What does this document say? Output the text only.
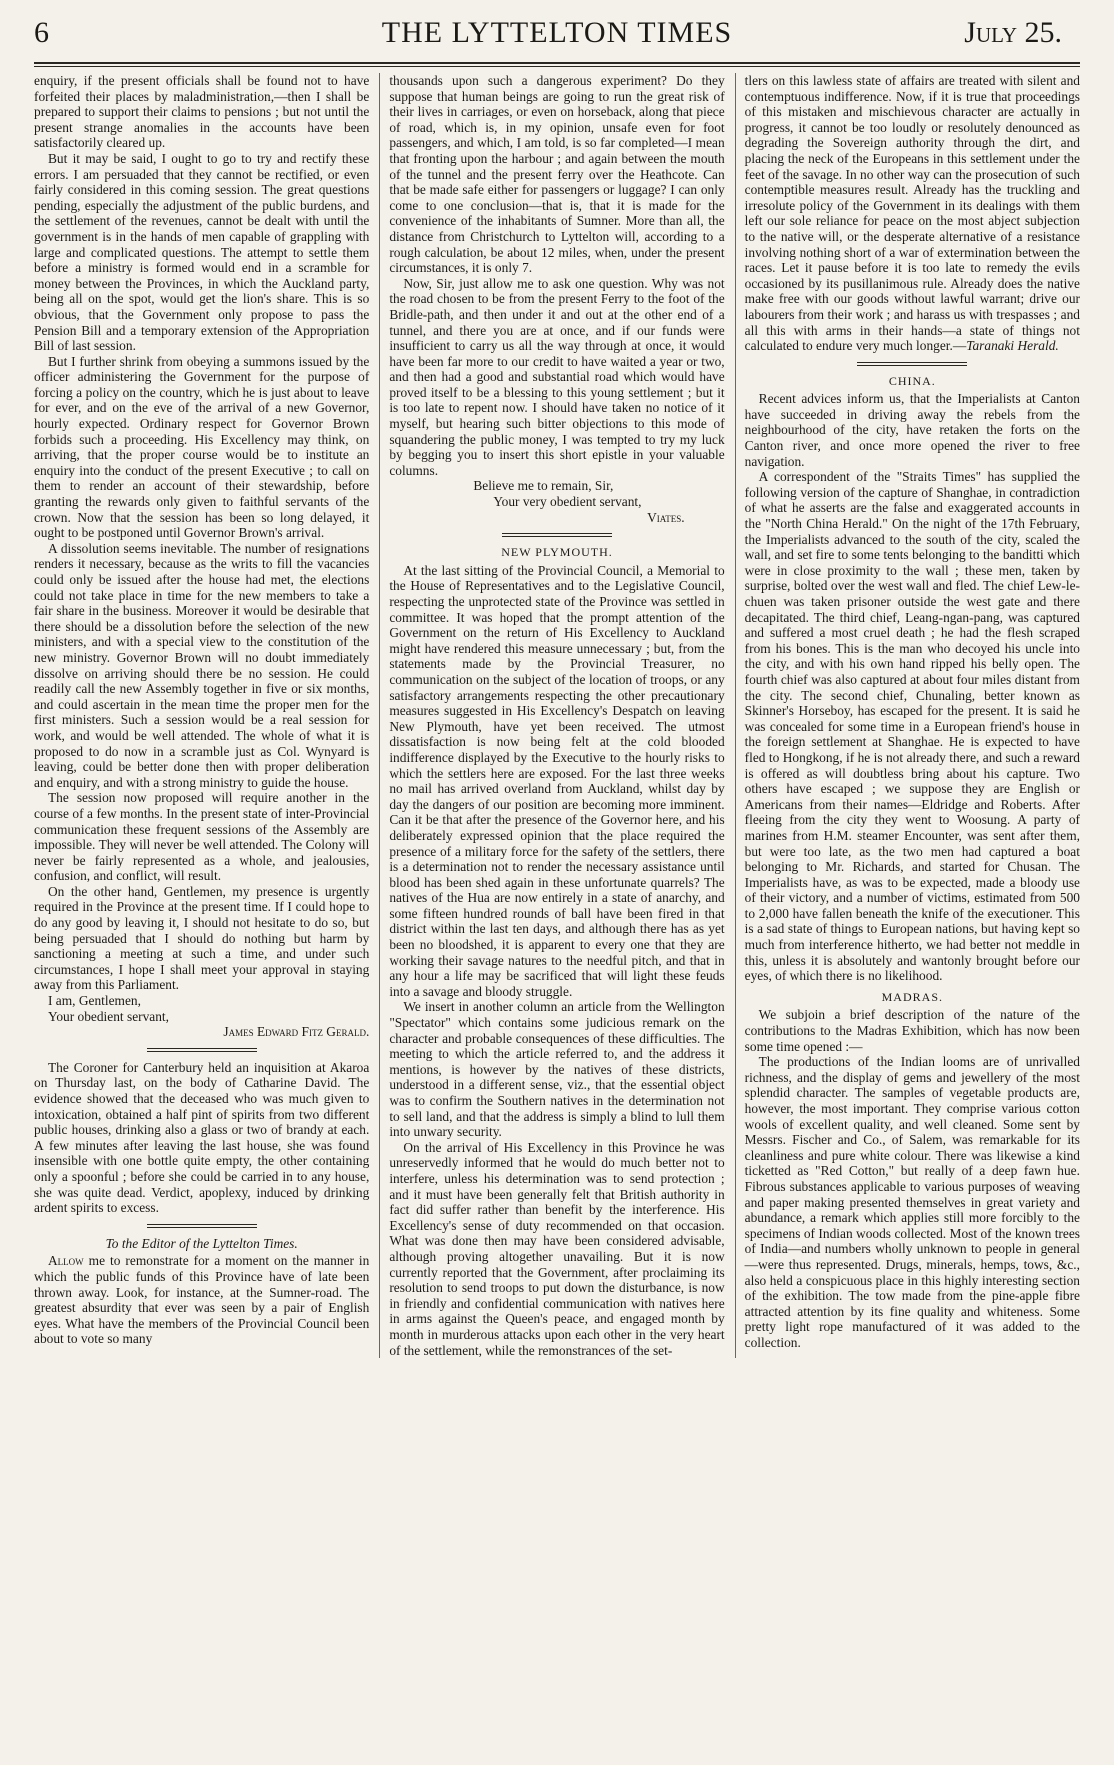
6	THE LYTTELTON TIMES	July 25.

enquiry, if the present officials shall be found not to have forfeited their places by maladministration,—then I shall be prepared to support their claims to pensions ; but not until the present strange anomalies in the accounts have been satisfactorily cleared up.

But it may be said, I ought to go to try and rectify these errors. I am persuaded that they cannot be rectified, or even fairly considered in this coming session. The great questions pending, especially the adjustment of the public burdens, and the settlement of the revenues, cannot be dealt with until the government is in the hands of men capable of grappling with large and complicated questions. The attempt to settle them before a ministry is formed would end in a scramble for money between the Provinces, in which the Auckland party, being all on the spot, would get the lion's share. This is so obvious, that the Government only propose to pass the Pension Bill and a temporary extension of the Appropriation Bill of last session.

But I further shrink from obeying a summons issued by the officer administering the Government for the purpose of forcing a policy on the country, which he is just about to leave for ever, and on the eve of the arrival of a new Governor, hourly expected. Ordinary respect for Governor Brown forbids such a proceeding. His Excellency may think, on arriving, that the proper course would be to institute an enquiry into the conduct of the present Executive ; to call on them to render an account of their stewardship, before granting the rewards only given to faithful servants of the crown. Now that the session has been so long delayed, it ought to be postponed until Governor Brown's arrival.

A dissolution seems inevitable. The number of resignations renders it necessary, because as the writs to fill the vacancies could only be issued after the house had met, the elections could not take place in time for the new members to take a fair share in the business. Moreover it would be desirable that there should be a dissolution before the selection of the new ministers, and with a special view to the constitution of the new ministry. Governor Brown will no doubt immediately dissolve on arriving should there be no session. He could readily call the new Assembly together in five or six months, and could ascertain in the mean time the proper men for the first ministers. Such a session would be a real session for work, and would be well attended. The whole of what it is proposed to do now in a scramble just as Col. Wynyard is leaving, could be better done then with proper deliberation and enquiry, and with a strong ministry to guide the house.

The session now proposed will require another in the course of a few months. In the present state of inter-Provincial communication these frequent sessions of the Assembly are impossible. They will never be well attended. The Colony will never be fairly represented as a whole, and jealousies, confusion, and conflict, will result.

On the other hand, Gentlemen, my presence is urgently required in the Province at the present time. If I could hope to do any good by leaving it, I should not hesitate to do so, but being persuaded that I should do nothing but harm by sanctioning a meeting at such a time, and under such circumstances, I hope I shall meet your approval in staying away from this Parliament.

I am, Gentlemen,

Your obedient servant,

James Edward Fitz Gerald.

The Coroner for Canterbury held an inquisition at Akaroa on Thursday last, on the body of Catharine David. The evidence showed that the deceased who was much given to intoxication, obtained a half pint of spirits from two different public houses, drinking also a glass or two of brandy at each. A few minutes after leaving the last house, she was found insensible with one bottle quite empty, the other containing only a spoonful ; before she could be carried in to any house, she was quite dead. Verdict, apoplexy, induced by drinking ardent spirits to excess.

To the Editor of the Lyttelton Times.

Allow me to remonstrate for a moment on the manner in which the public funds of this Province have of late been thrown away. Look, for instance, at the Sumner-road. The greatest absurdity that ever was seen by a pair of English eyes. What have the members of the Provincial Council been about to vote so many

thousands upon such a dangerous experiment? Do they suppose that human beings are going to run the great risk of their lives in carriages, or even on horseback, along that piece of road, which is, in my opinion, unsafe even for foot passengers, and which, I am told, is so far completed—I mean that fronting upon the harbour ; and again between the mouth of the tunnel and the present ferry over the Heathcote. Can that be made safe either for passengers or luggage? I can only come to one conclusion—that is, that it is made for the convenience of the inhabitants of Sumner. More than all, the distance from Christchurch to Lyttelton will, according to a rough calculation, be about 12 miles, when, under the present circumstances, it is only 7.

Now, Sir, just allow me to ask one question. Why was not the road chosen to be from the present Ferry to the foot of the Bridle-path, and then under it and out at the other end of a tunnel, and there you are at once, and if our funds were insufficient to carry us all the way through at once, it would have been far more to our credit to have waited a year or two, and then had a good and substantial road which would have proved itself to be a blessing to this young settlement ; but it is too late to repent now. I should have taken no notice of it myself, but hearing such bitter objections to this mode of squandering the public money, I was tempted to try my luck by begging you to insert this short epistle in your valuable columns.

Believe me to remain, Sir,

Your very obedient servant,

Viates.

NEW PLYMOUTH.

At the last sitting of the Provincial Council, a Memorial to the House of Representatives and to the Legislative Council, respecting the unprotected state of the Province was settled in committee. It was hoped that the prompt attention of the Government on the return of His Excellency to Auckland might have rendered this measure unnecessary ; but, from the statements made by the Provincial Treasurer, no communication on the subject of the location of troops, or any satisfactory arrangements respecting the other precautionary measures suggested in His Excellency's Despatch on leaving New Plymouth, have yet been received. The utmost dissatisfaction is now being felt at the cold blooded indifference displayed by the Executive to the hourly risks to which the settlers here are exposed. For the last three weeks no mail has arrived overland from Auckland, whilst day by day the dangers of our position are becoming more imminent. Can it be that after the presence of the Governor here, and his deliberately expressed opinion that the place required the presence of a military force for the safety of the settlers, there is a determination not to render the necessary assistance until blood has been shed again in these unfortunate quarrels? The natives of the Hua are now entirely in a state of anarchy, and some fifteen hundred rounds of ball have been fired in that district within the last ten days, and although there has as yet been no bloodshed, it is apparent to every one that they are working their savage natures to the needful pitch, and that in any hour a life may be sacrificed that will light these feuds into a savage and bloody struggle.

We insert in another column an article from the Wellington "Spectator" which contains some judicious remark on the character and probable consequences of these difficulties. The meeting to which the article referred to, and the address it mentions, is however by the natives of these districts, understood in a different sense, viz., that the essential object was to confirm the Southern natives in the determination not to sell land, and that the address is simply a blind to lull them into unwary security.

On the arrival of His Excellency in this Province he was unreservedly informed that he would do much better not to interfere, unless his determination was to send protection ; and it must have been generally felt that British authority in fact did suffer rather than benefit by the interference. His Excellency's sense of duty recommended on that occasion. What was done then may have been considered advisable, although proving altogether unavailing. But it is now currently reported that the Government, after proclaiming its resolution to send troops to put down the disturbance, is now in friendly and confidential communication with natives here in arms against the Queen's peace, and engaged month by month in murderous attacks upon each other in the very heart of the settlement, while the remonstrances of the set-

tlers on this lawless state of affairs are treated with silent and contemptuous indifference. Now, if it is true that proceedings of this mistaken and mischievous character are actually in progress, it cannot be too loudly or resolutely denounced as degrading the Sovereign authority through the dirt, and placing the neck of the Europeans in this settlement under the feet of the savage. In no other way can the prosecution of such contemptible measures result. Already has the truckling and irresolute policy of the Government in its dealings with them left our sole reliance for peace on the most abject subjection to the native will, or the desperate alternative of a resistance involving nothing short of a war of extermination between the races. Let it pause before it is too late to remedy the evils occasioned by its pusillanimous rule. Already does the native make free with our goods without lawful warrant; drive our labourers from their work ; and harass us with trespasses ; and all this with arms in their hands—a state of things not calculated to endure very much longer.—Taranaki Herald.

CHINA.

Recent advices inform us, that the Imperialists at Canton have succeeded in driving away the rebels from the neighbourhood of the city, have retaken the forts on the Canton river, and once more opened the river to free navigation.

A correspondent of the "Straits Times" has supplied the following version of the capture of Shanghae, in contradiction of what he asserts are the false and exaggerated accounts in the "North China Herald." On the night of the 17th February, the Imperialists advanced to the south of the city, scaled the wall, and set fire to some tents belonging to the banditti which were in close proximity to the wall ; these men, taken by surprise, bolted over the west wall and fled. The chief Lew-le-chuen was taken prisoner outside the west gate and there decapitated. The third chief, Leang-ngan-pang, was captured and suffered a most cruel death ; he had the flesh scraped from his bones. This is the man who decoyed his uncle into the city, and with his own hand ripped his belly open. The fourth chief was also captured at about four miles distant from the city. The second chief, Chunaling, better known as Skinner's Horseboy, has escaped for the present. It is said he was concealed for some time in a European friend's house in the foreign settlement at Shanghae. He is expected to have fled to Hongkong, if he is not already there, and such a reward is offered as will doubtless bring about his capture. Two others have escaped ; we suppose they are English or Americans from their names—Eldridge and Roberts. After fleeing from the city they went to Woosung. A party of marines from H.M. steamer Encounter, was sent after them, but were too late, as the two men had captured a boat belonging to Mr. Richards, and started for Chusan. The Imperialists have, as was to be expected, made a bloody use of their victory, and a number of victims, estimated from 500 to 2,000 have fallen beneath the knife of the executioner. This is a sad state of things to European nations, but having kept so much from interference hitherto, we had better not meddle in this, unless it is absolutely and wantonly brought before our eyes, of which there is no likelihood.

MADRAS.

We subjoin a brief description of the nature of the contributions to the Madras Exhibition, which has now been some time opened :—

The productions of the Indian looms are of unrivalled richness, and the display of gems and jewellery of the most splendid character. The samples of vegetable products are, however, the most important. They comprise various cotton wools of excellent quality, and well cleaned. Some sent by Messrs. Fischer and Co., of Salem, was remarkable for its cleanliness and pure white colour. There was likewise a kind ticketted as "Red Cotton," but really of a deep fawn hue. Fibrous substances applicable to various purposes of weaving and paper making presented themselves in great variety and abundance, a remark which applies still more forcibly to the specimens of Indian woods collected. Most of the known trees of India—and numbers wholly unknown to people in general—were thus represented. Drugs, minerals, hemps, tows, &c., also held a conspicuous place in this highly interesting section of the exhibition. The tow made from the pine-apple fibre attracted attention by its fine quality and whiteness. Some pretty light rope manufactured of it was added to the collection.
